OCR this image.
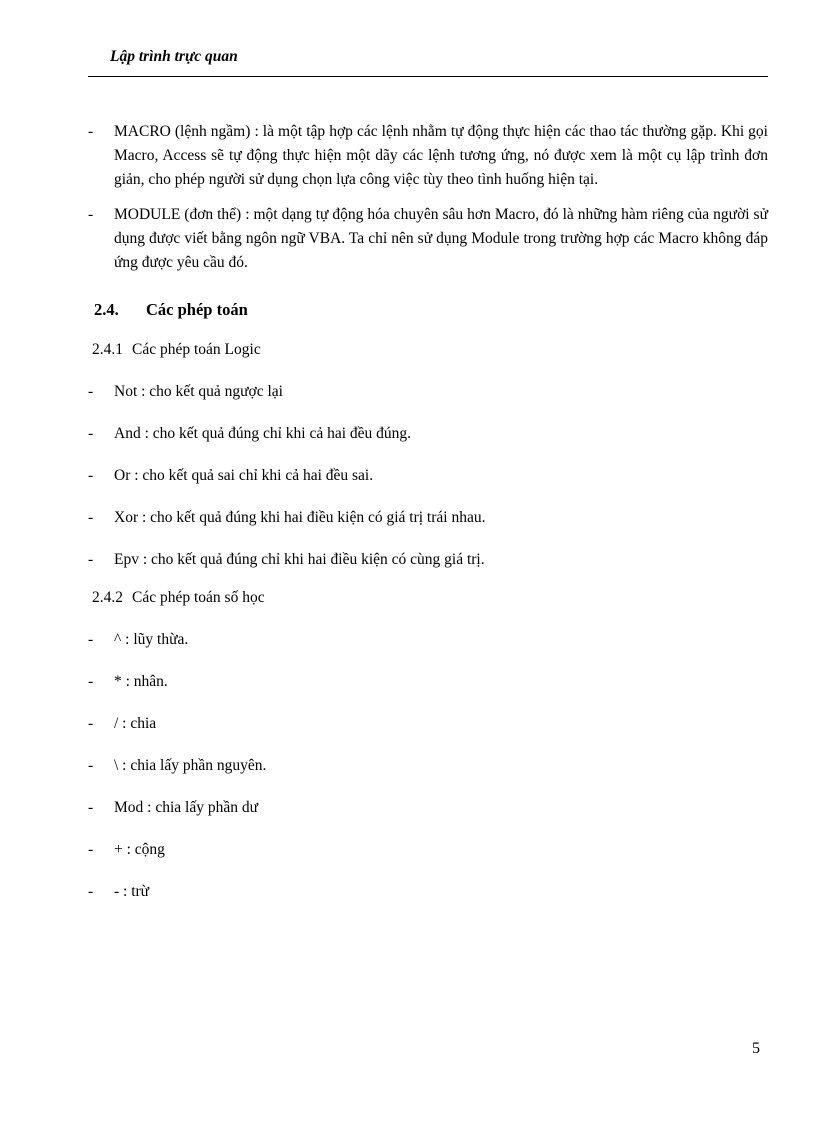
Lập trình trực quan
- MACRO (lệnh ngầm) : là một tập hợp các lệnh nhằm tự động thực hiện các thao tác thường gặp. Khi gọi Macro, Access sẽ tự động thực hiện một dãy các lệnh tương ứng, nó được xem là một cụ lập trình đơn giản, cho phép người sử dụng chọn lựa công việc tùy theo tình huống hiện tại.
- MODULE (đơn thể) : một dạng tự động hóa chuyên sâu hơn Macro, đó là những hàm riêng của người sử dụng được viết bằng ngôn ngữ VBA. Ta chỉ nên sử dụng Module trong trường hợp các Macro không đáp ứng được yêu cầu đó.
2.4. Các phép toán
2.4.1 Các phép toán Logic
- Not : cho kết quả ngược lại
- And : cho kết quả đúng chỉ khi cả hai đều đúng.
- Or : cho kết quả sai chỉ khi cả hai đều sai.
- Xor : cho kết quả đúng khi hai điều kiện có giá trị trái nhau.
- Epv : cho kết quả đúng chỉ khi hai điều kiện có cùng giá trị.
2.4.2 Các phép toán số học
- ^ : lũy thừa.
- * : nhân.
- / : chia
- \ : chia lấy phần nguyên.
- Mod : chia lấy phần dư
- + : cộng
- - : trừ
5
